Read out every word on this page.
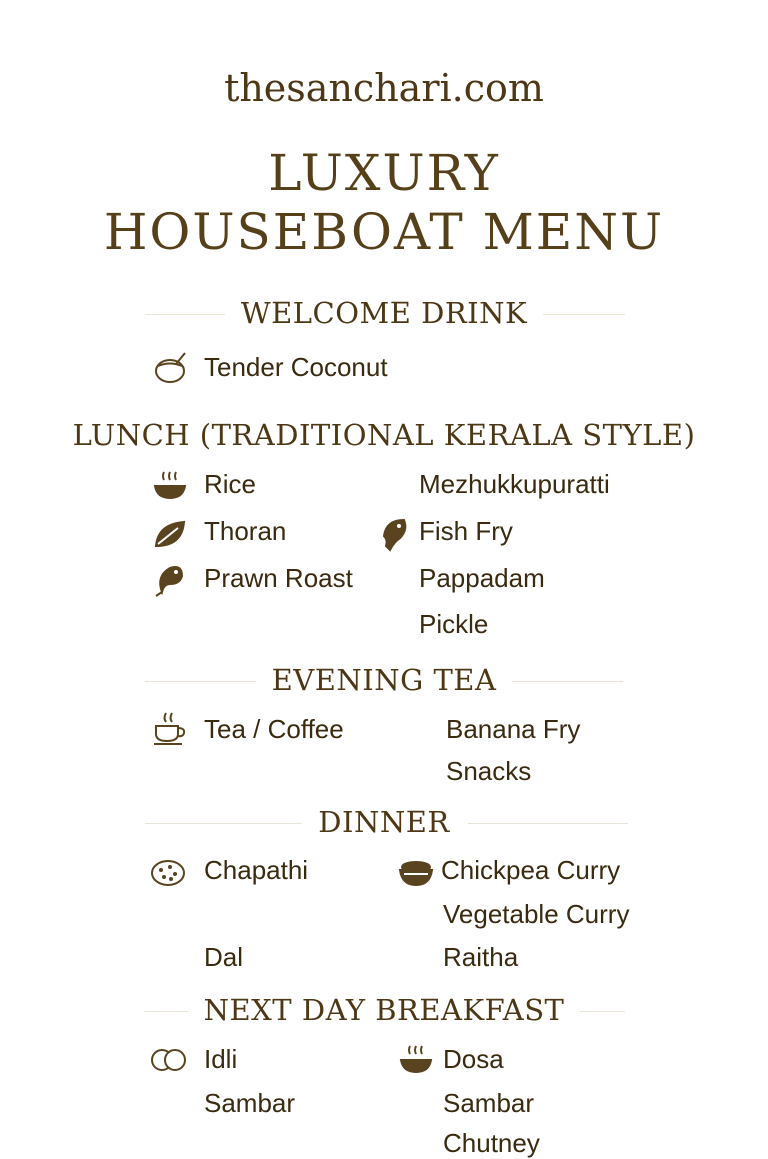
thesanchari.com
LUXURY
HOUSEBOAT MENU
WELCOME DRINK
Tender Coconut
LUNCH (TRADITIONAL KERALA STYLE)
Rice
Thoran
Prawn Roast
Mezhukkupuratti
Fish Fry
Pappadam
Pickle
EVENING TEA
Tea / Coffee	Banana Fry
Snacks
DINNER
Chapathi
Dal
Chickpea Curry
Vegetable Curry
Raitha
NEXT DAY BREAKFAST
Idli
Sambar
Dosa
Sambar
Chutney
